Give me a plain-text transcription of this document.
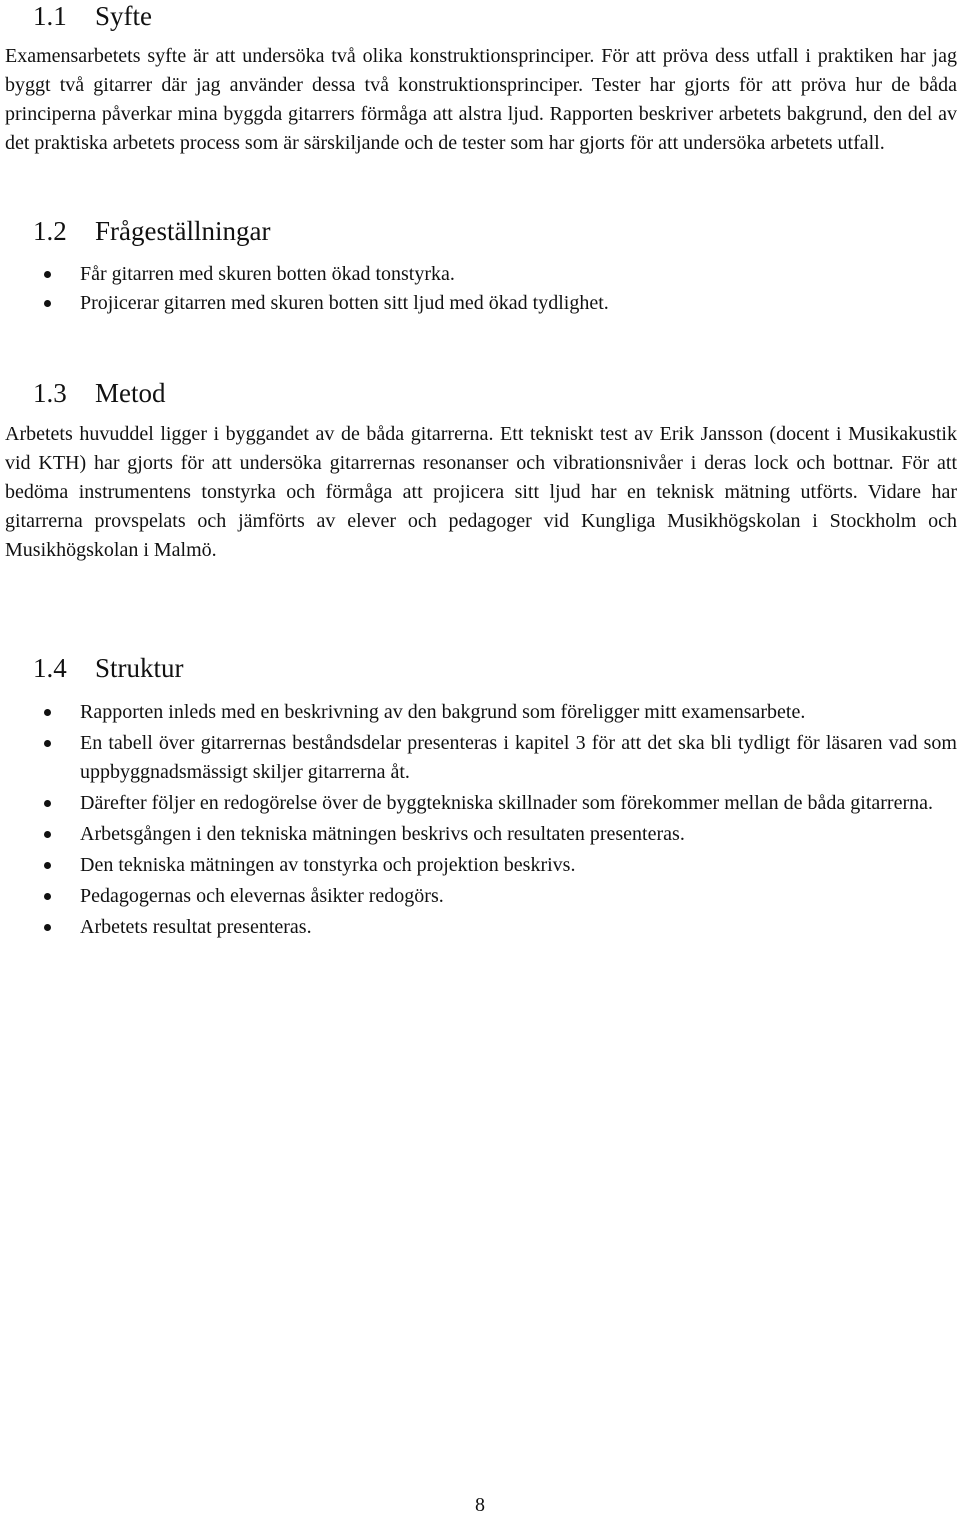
1.1 Syfte

Examensarbetets syfte är att undersöka två olika konstruktionsprinciper. För att pröva dess utfall i praktiken har jag byggt två gitarrer där jag använder dessa två konstruktionsprinciper. Tester har gjorts för att pröva hur de båda principerna påverkar mina byggda gitarrers förmåga att alstra ljud. Rapporten beskriver arbetets bakgrund, den del av det praktiska arbetets process som är särskiljande och de tester som har gjorts för att undersöka arbetets utfall.

1.2 Frågeställningar
Får gitarren med skuren botten ökad tonstyrka.
Projicerar gitarren med skuren botten sitt ljud med ökad tydlighet.
1.3 Metod

Arbetets huvuddel ligger i byggandet av de båda gitarrerna. Ett tekniskt test av Erik Jansson (docent i Musikakustik vid KTH) har gjorts för att undersöka gitarrernas resonanser och vibrationsnivåer i deras lock och bottnar. För att bedöma instrumentens tonstyrka och förmåga att projicera sitt ljud har en teknisk mätning utförts. Vidare har gitarrerna provspelats och jämförts av elever och pedagoger vid Kungliga Musikhögskolan i Stockholm och Musikhögskolan i Malmö.

1.4 Struktur
Rapporten inleds med en beskrivning av den bakgrund som föreligger mitt examensarbete.
En tabell över gitarrernas beståndsdelar presenteras i kapitel 3 för att det ska bli tydligt för läsaren vad som uppbyggnadsmässigt skiljer gitarrerna åt.
Därefter följer en redogörelse över de byggtekniska skillnader som förekommer mellan de båda gitarrerna.
Arbetsgången i den tekniska mätningen beskrivs och resultaten presenteras.
Den tekniska mätningen av tonstyrka och projektion beskrivs.
Pedagogernas och elevernas åsikter redogörs.
Arbetets resultat presenteras.
8
